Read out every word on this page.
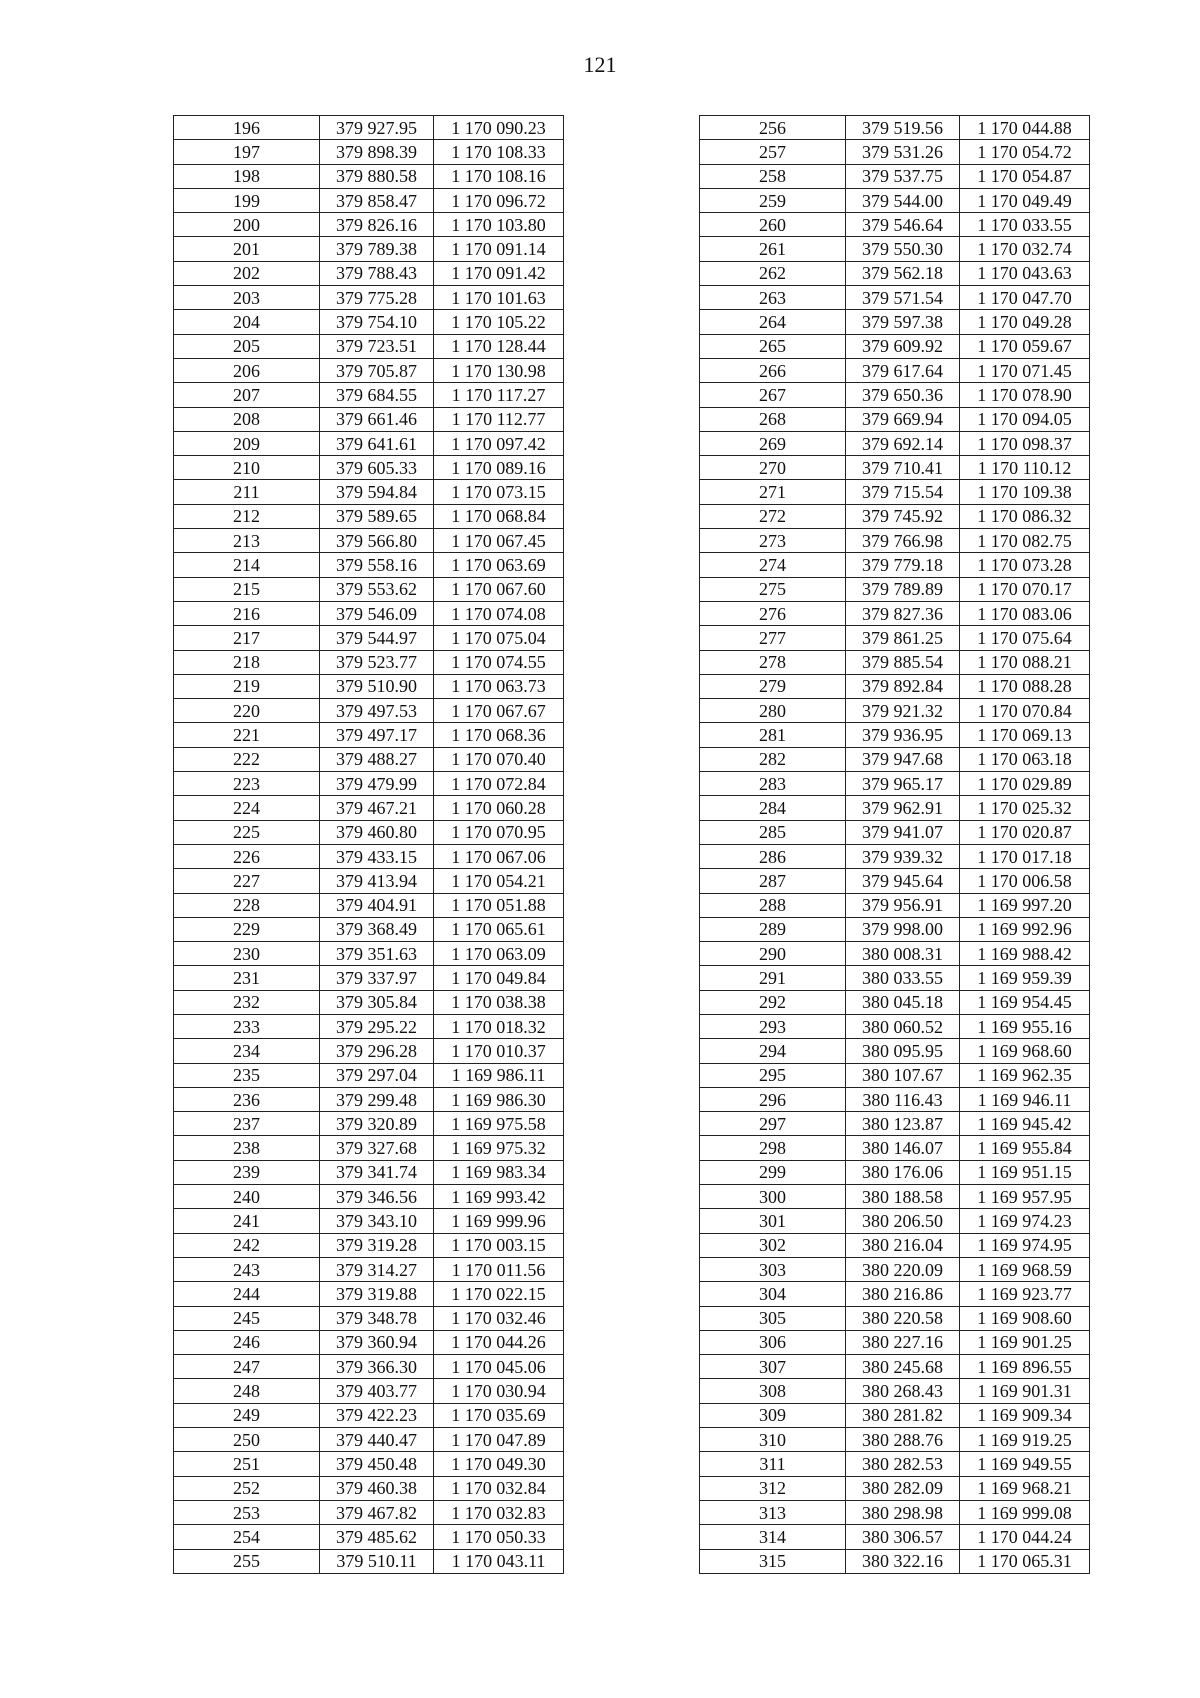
121
196	379 927.95	1 170 090.23
197	379 898.39	1 170 108.33
198	379 880.58	1 170 108.16
199	379 858.47	1 170 096.72
200	379 826.16	1 170 103.80
201	379 789.38	1 170 091.14
202	379 788.43	1 170 091.42
203	379 775.28	1 170 101.63
204	379 754.10	1 170 105.22
205	379 723.51	1 170 128.44
206	379 705.87	1 170 130.98
207	379 684.55	1 170 117.27
208	379 661.46	1 170 112.77
209	379 641.61	1 170 097.42
210	379 605.33	1 170 089.16
211	379 594.84	1 170 073.15
212	379 589.65	1 170 068.84
213	379 566.80	1 170 067.45
214	379 558.16	1 170 063.69
215	379 553.62	1 170 067.60
216	379 546.09	1 170 074.08
217	379 544.97	1 170 075.04
218	379 523.77	1 170 074.55
219	379 510.90	1 170 063.73
220	379 497.53	1 170 067.67
221	379 497.17	1 170 068.36
222	379 488.27	1 170 070.40
223	379 479.99	1 170 072.84
224	379 467.21	1 170 060.28
225	379 460.80	1 170 070.95
226	379 433.15	1 170 067.06
227	379 413.94	1 170 054.21
228	379 404.91	1 170 051.88
229	379 368.49	1 170 065.61
230	379 351.63	1 170 063.09
231	379 337.97	1 170 049.84
232	379 305.84	1 170 038.38
233	379 295.22	1 170 018.32
234	379 296.28	1 170 010.37
235	379 297.04	1 169 986.11
236	379 299.48	1 169 986.30
237	379 320.89	1 169 975.58
238	379 327.68	1 169 975.32
239	379 341.74	1 169 983.34
240	379 346.56	1 169 993.42
241	379 343.10	1 169 999.96
242	379 319.28	1 170 003.15
243	379 314.27	1 170 011.56
244	379 319.88	1 170 022.15
245	379 348.78	1 170 032.46
246	379 360.94	1 170 044.26
247	379 366.30	1 170 045.06
248	379 403.77	1 170 030.94
249	379 422.23	1 170 035.69
250	379 440.47	1 170 047.89
251	379 450.48	1 170 049.30
252	379 460.38	1 170 032.84
253	379 467.82	1 170 032.83
254	379 485.62	1 170 050.33
255	379 510.11	1 170 043.11
256	379 519.56	1 170 044.88
257	379 531.26	1 170 054.72
258	379 537.75	1 170 054.87
259	379 544.00	1 170 049.49
260	379 546.64	1 170 033.55
261	379 550.30	1 170 032.74
262	379 562.18	1 170 043.63
263	379 571.54	1 170 047.70
264	379 597.38	1 170 049.28
265	379 609.92	1 170 059.67
266	379 617.64	1 170 071.45
267	379 650.36	1 170 078.90
268	379 669.94	1 170 094.05
269	379 692.14	1 170 098.37
270	379 710.41	1 170 110.12
271	379 715.54	1 170 109.38
272	379 745.92	1 170 086.32
273	379 766.98	1 170 082.75
274	379 779.18	1 170 073.28
275	379 789.89	1 170 070.17
276	379 827.36	1 170 083.06
277	379 861.25	1 170 075.64
278	379 885.54	1 170 088.21
279	379 892.84	1 170 088.28
280	379 921.32	1 170 070.84
281	379 936.95	1 170 069.13
282	379 947.68	1 170 063.18
283	379 965.17	1 170 029.89
284	379 962.91	1 170 025.32
285	379 941.07	1 170 020.87
286	379 939.32	1 170 017.18
287	379 945.64	1 170 006.58
288	379 956.91	1 169 997.20
289	379 998.00	1 169 992.96
290	380 008.31	1 169 988.42
291	380 033.55	1 169 959.39
292	380 045.18	1 169 954.45
293	380 060.52	1 169 955.16
294	380 095.95	1 169 968.60
295	380 107.67	1 169 962.35
296	380 116.43	1 169 946.11
297	380 123.87	1 169 945.42
298	380 146.07	1 169 955.84
299	380 176.06	1 169 951.15
300	380 188.58	1 169 957.95
301	380 206.50	1 169 974.23
302	380 216.04	1 169 974.95
303	380 220.09	1 169 968.59
304	380 216.86	1 169 923.77
305	380 220.58	1 169 908.60
306	380 227.16	1 169 901.25
307	380 245.68	1 169 896.55
308	380 268.43	1 169 901.31
309	380 281.82	1 169 909.34
310	380 288.76	1 169 919.25
311	380 282.53	1 169 949.55
312	380 282.09	1 169 968.21
313	380 298.98	1 169 999.08
314	380 306.57	1 170 044.24
315	380 322.16	1 170 065.31
